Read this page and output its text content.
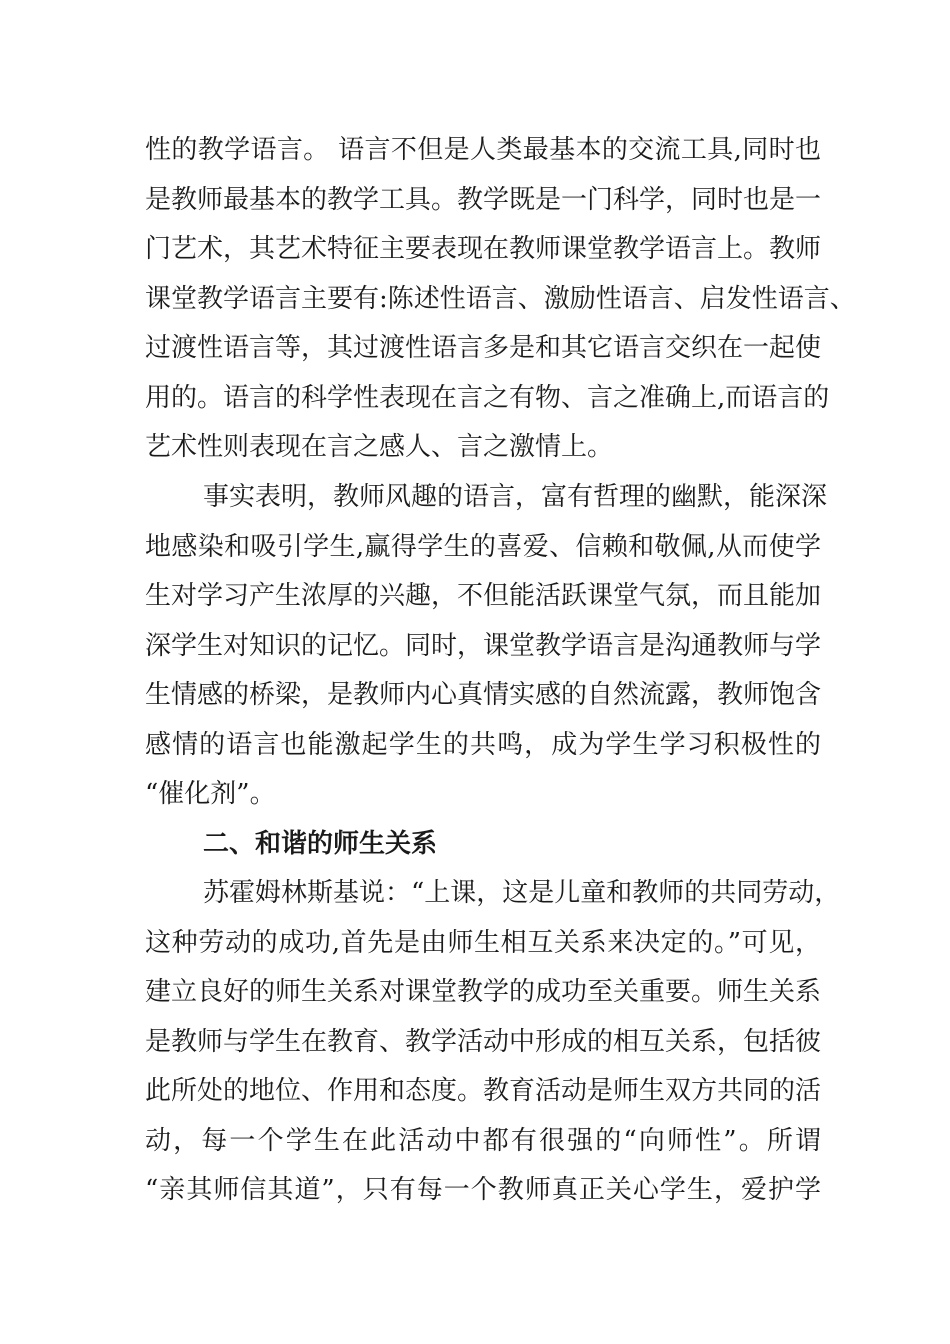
性的教学语言。 语言不但是人类最基本的交流工具,同时也
是教师最基本的教学工具。教学既是一门科学，同时也是一
门艺术，其艺术特征主要表现在教师课堂教学语言上。教师
课堂教学语言主要有:陈述性语言、激励性语言、启发性语言、
过渡性语言等，其过渡性语言多是和其它语言交织在一起使
用的。语言的科学性表现在言之有物、言之准确上,而语言的
艺术性则表现在言之感人、言之激情上。
事实表明，教师风趣的语言，富有哲理的幽默，能深深
地感染和吸引学生,赢得学生的喜爱、信赖和敬佩,从而使学
生对学习产生浓厚的兴趣，不但能活跃课堂气氛，而且能加
深学生对知识的记忆。同时，课堂教学语言是沟通教师与学
生情感的桥梁，是教师内心真情实感的自然流露，教师饱含
感情的语言也能激起学生的共鸣，成为学生学习积极性的
“催化剂”。
二、和谐的师生关系
苏霍姆林斯基说：“上课，这是儿童和教师的共同劳动，
这种劳动的成功,首先是由师生相互关系来决定的。”可见，
建立良好的师生关系对课堂教学的成功至关重要。师生关系
是教师与学生在教育、教学活动中形成的相互关系，包括彼
此所处的地位、作用和态度。教育活动是师生双方共同的活
动，每一个学生在此活动中都有很强的“向师性”。所谓
“亲其师信其道”，只有每一个教师真正关心学生，爱护学
